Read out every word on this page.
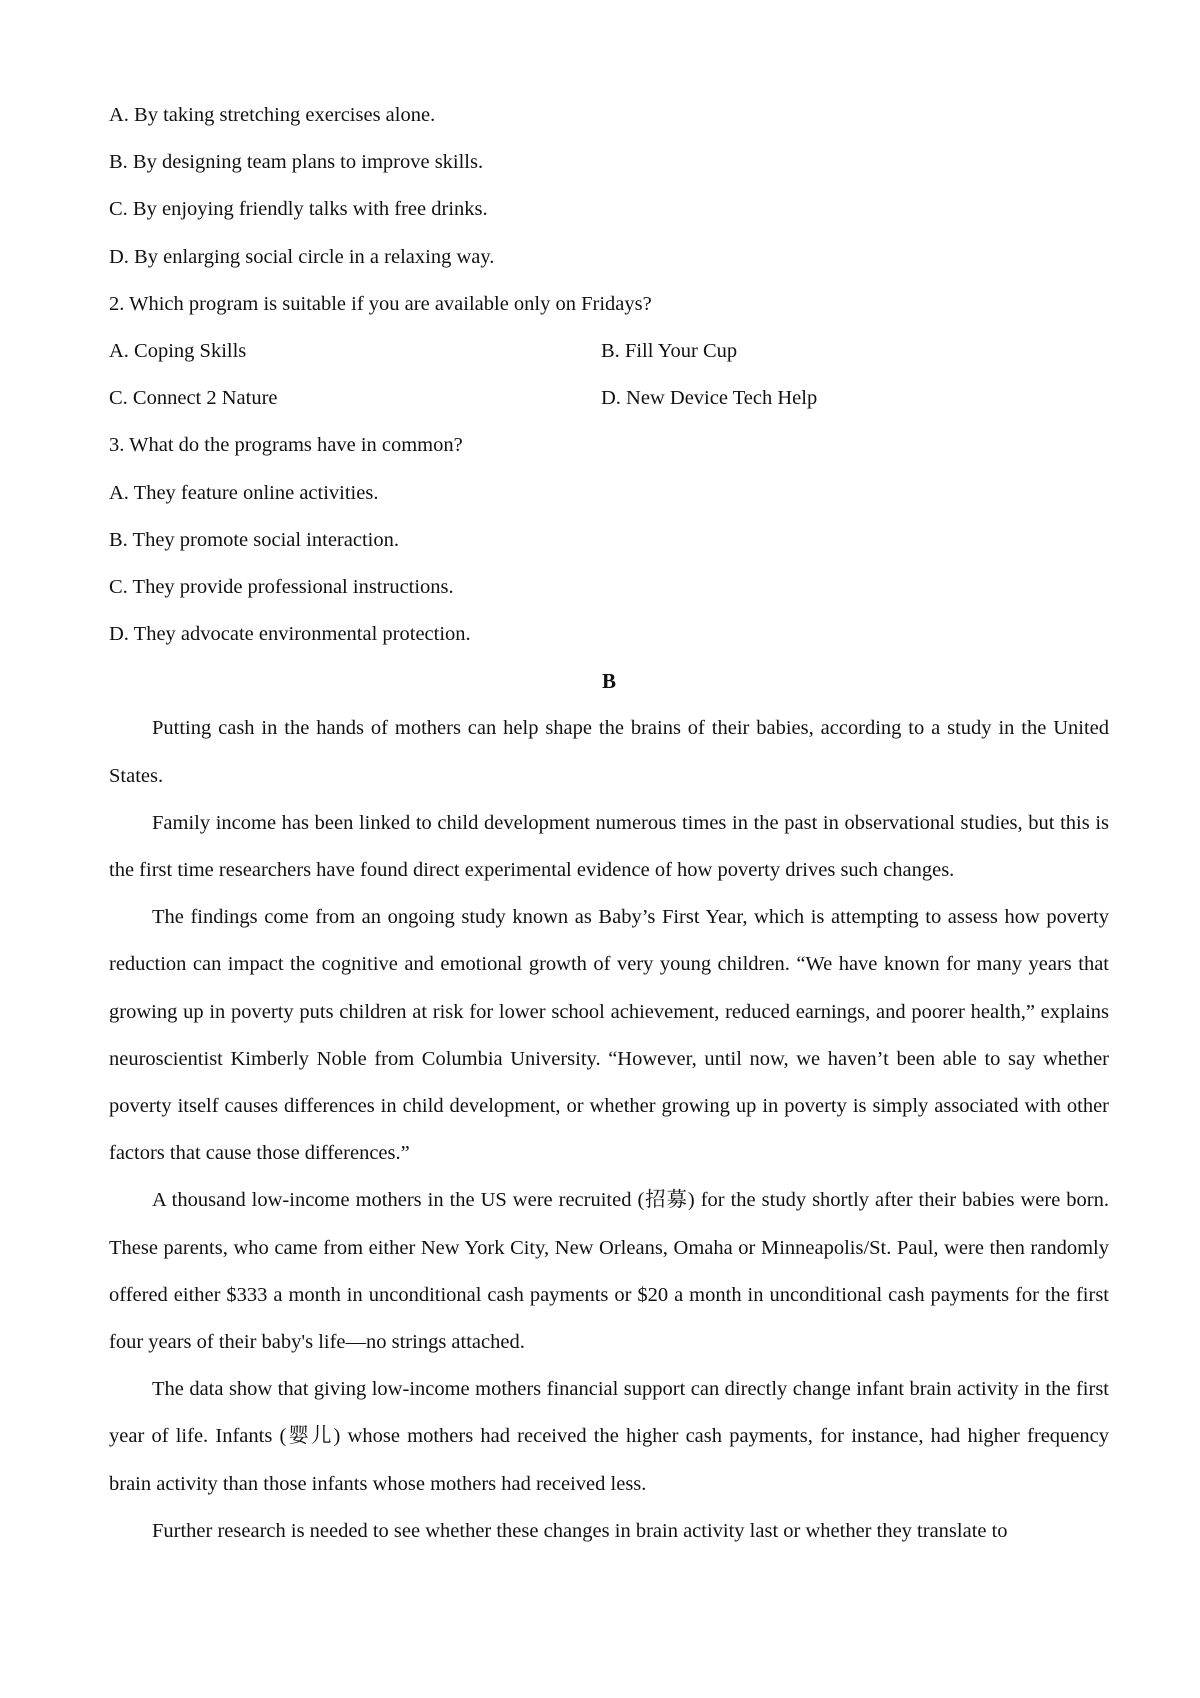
A. By taking stretching exercises alone.
B. By designing team plans to improve skills.
C. By enjoying friendly talks with free drinks.
D. By enlarging social circle in a relaxing way.
2. Which program is suitable if you are available only on Fridays?
A. Coping Skills	B. Fill Your Cup
C. Connect 2 Nature	D. New Device Tech Help
3. What do the programs have in common?
A. They feature online activities.
B. They promote social interaction.
C. They provide professional instructions.
D. They advocate environmental protection.
B

Putting cash in the hands of mothers can help shape the brains of their babies, according to a study in the United States.

Family income has been linked to child development numerous times in the past in observational studies, but this is the first time researchers have found direct experimental evidence of how poverty drives such changes.

The findings come from an ongoing study known as Baby’s First Year, which is attempting to assess how poverty reduction can impact the cognitive and emotional growth of very young children. “We have known for many years that growing up in poverty puts children at risk for lower school achievement, reduced earnings, and poorer health,” explains neuroscientist Kimberly Noble from Columbia University. “However, until now, we haven’t been able to say whether poverty itself causes differences in child development, or whether growing up in poverty is simply associated with other factors that cause those differences.”

A thousand low-income mothers in the US were recruited (招募) for the study shortly after their babies were born. These parents, who came from either New York City, New Orleans, Omaha or Minneapolis/St. Paul, were then randomly offered either $333 a month in unconditional cash payments or $20 a month in unconditional cash payments for the first four years of their baby's life—no strings attached.

The data show that giving low-income mothers financial support can directly change infant brain activity in the first year of life. Infants (婴儿) whose mothers had received the higher cash payments, for instance, had higher frequency brain activity than those infants whose mothers had received less.

Further research is needed to see whether these changes in brain activity last or whether they translate to
